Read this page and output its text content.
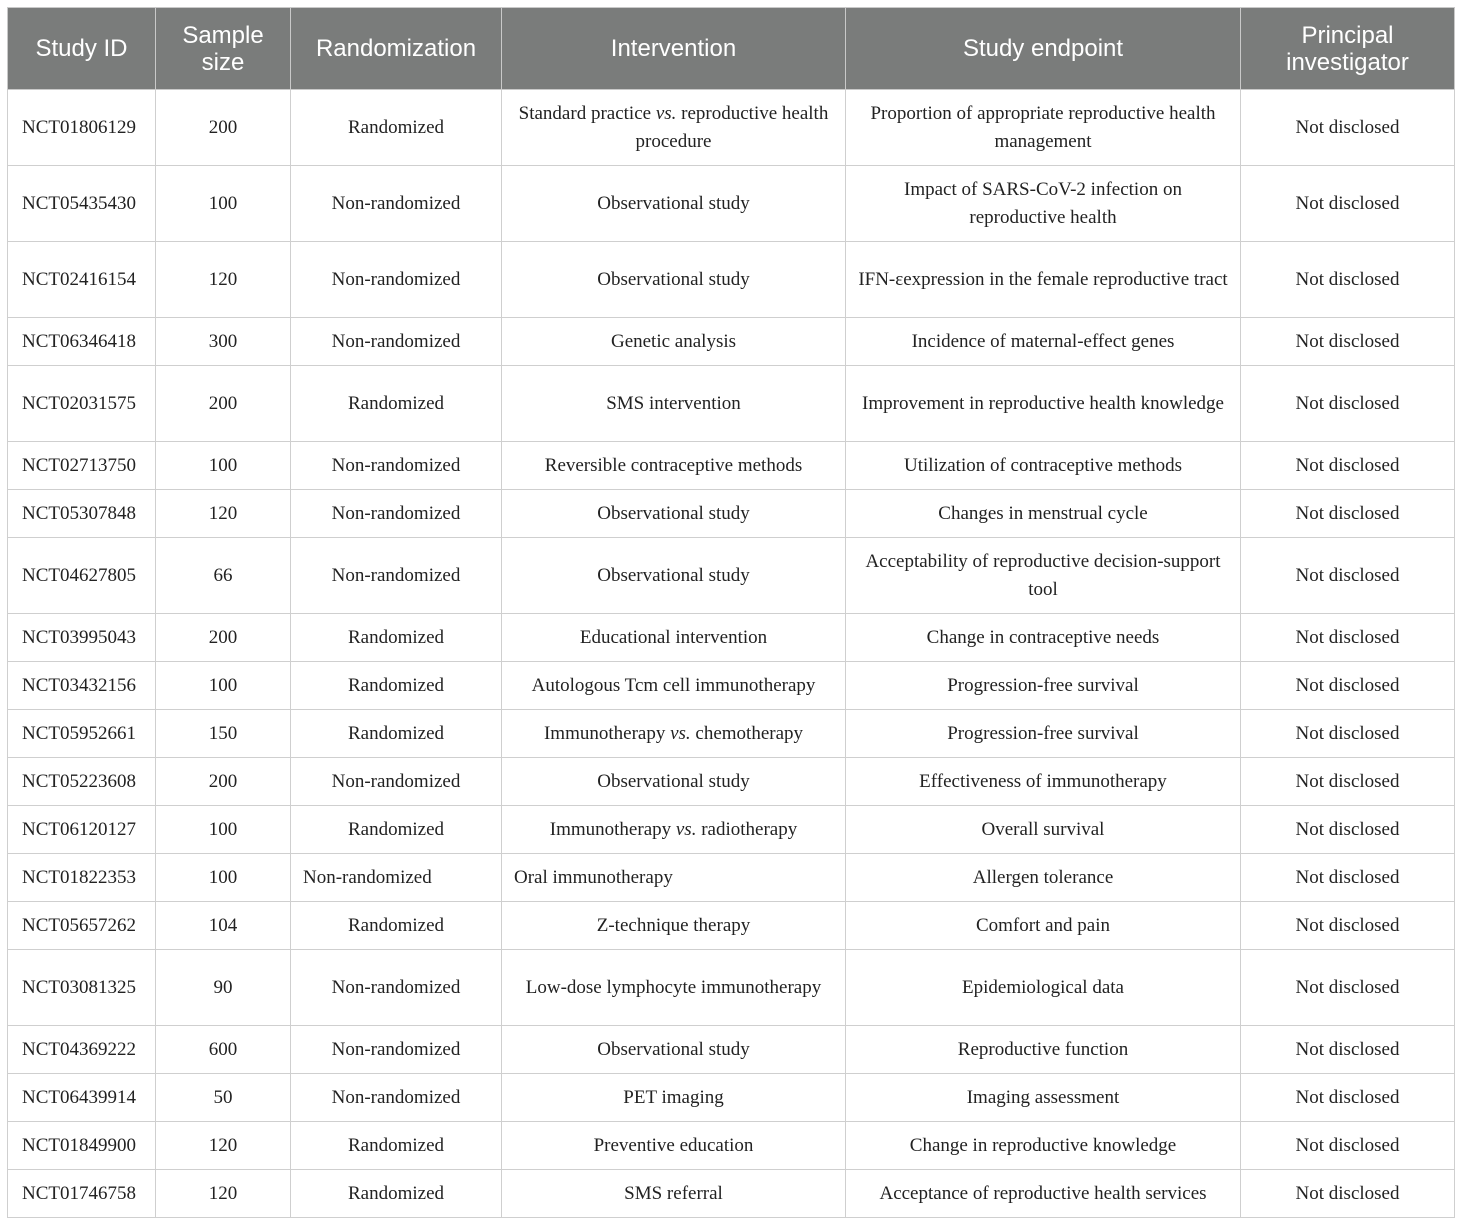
Study ID	Sample size	Randomization	Intervention	Study endpoint	Principal investigator
NCT01806129	200	Randomized	Standard practice vs. reproductive health procedure	Proportion of appropriate reproductive health management	Not disclosed
NCT05435430	100	Non-randomized	Observational study	Impact of SARS-CoV-2 infection on reproductive health	Not disclosed
NCT02416154	120	Non-randomized	Observational study	IFN-εexpression in the female reproductive tract	Not disclosed
NCT06346418	300	Non-randomized	Genetic analysis	Incidence of maternal-effect genes	Not disclosed
NCT02031575	200	Randomized	SMS intervention	Improvement in reproductive health knowledge	Not disclosed
NCT02713750	100	Non-randomized	Reversible contraceptive methods	Utilization of contraceptive methods	Not disclosed
NCT05307848	120	Non-randomized	Observational study	Changes in menstrual cycle	Not disclosed
NCT04627805	66	Non-randomized	Observational study	Acceptability of reproductive decision-support tool	Not disclosed
NCT03995043	200	Randomized	Educational intervention	Change in contraceptive needs	Not disclosed
NCT03432156	100	Randomized	Autologous Tcm cell immunotherapy	Progression-free survival	Not disclosed
NCT05952661	150	Randomized	Immunotherapy vs. chemotherapy	Progression-free survival	Not disclosed
NCT05223608	200	Non-randomized	Observational study	Effectiveness of immunotherapy	Not disclosed
NCT06120127	100	Randomized	Immunotherapy vs. radiotherapy	Overall survival	Not disclosed
NCT01822353	100	Non-randomized	Oral immunotherapy	Allergen tolerance	Not disclosed
NCT05657262	104	Randomized	Z-technique therapy	Comfort and pain	Not disclosed
NCT03081325	90	Non-randomized	Low-dose lymphocyte immunotherapy	Epidemiological data	Not disclosed
NCT04369222	600	Non-randomized	Observational study	Reproductive function	Not disclosed
NCT06439914	50	Non-randomized	PET imaging	Imaging assessment	Not disclosed
NCT01849900	120	Randomized	Preventive education	Change in reproductive knowledge	Not disclosed
NCT01746758	120	Randomized	SMS referral	Acceptance of reproductive health services	Not disclosed
